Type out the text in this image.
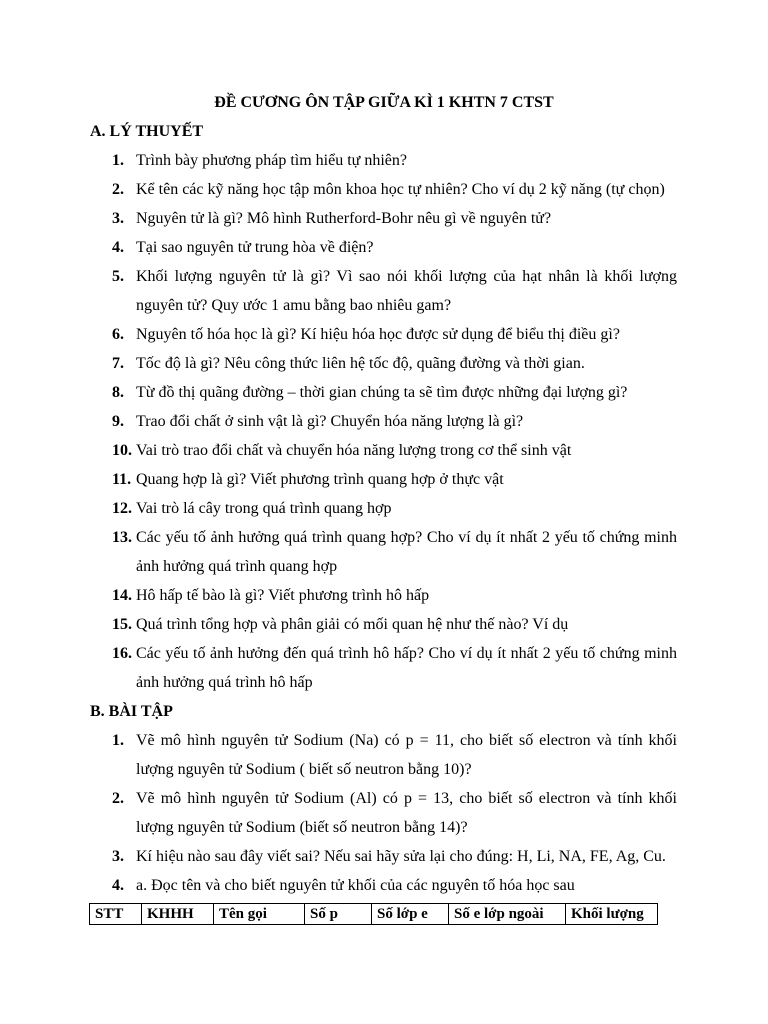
ĐỀ CƯƠNG ÔN TẬP GIỮA KÌ 1 KHTN 7 CTST
A. LÝ THUYẾT
1. Trình bày phương pháp tìm hiểu tự nhiên?
2. Kể tên các kỹ năng học tập môn khoa học tự nhiên? Cho ví dụ 2 kỹ năng (tự chọn)
3. Nguyên tử là gì? Mô hình Rutherford-Bohr nêu gì về nguyên tử?
4. Tại sao nguyên tử trung hòa về điện?
5. Khối lượng nguyên tử là gì? Vì sao nói khối lượng của hạt nhân là khối lượng nguyên tử? Quy ước 1 amu bằng bao nhiêu gam?
6. Nguyên tố hóa học là gì? Kí hiệu hóa học được sử dụng để biểu thị điều gì?
7. Tốc độ là gì? Nêu công thức liên hệ tốc độ, quãng đường và thời gian.
8. Từ đồ thị quãng đường – thời gian chúng ta sẽ tìm được những đại lượng gì?
9. Trao đổi chất ở sinh vật là gì? Chuyển hóa năng lượng là gì?
10. Vai trò trao đổi chất và chuyển hóa năng lượng trong cơ thể sinh vật
11. Quang hợp là gì? Viết phương trình quang hợp ở thực vật
12. Vai trò lá cây trong quá trình quang hợp
13. Các yếu tố ảnh hưởng quá trình quang hợp? Cho ví dụ ít nhất 2 yếu tố chứng minh ảnh hưởng quá trình quang hợp
14. Hô hấp tế bào là gì? Viết phương trình hô hấp
15. Quá trình tổng hợp và phân giải có mối quan hệ như thế nào? Ví dụ
16. Các yếu tố ảnh hưởng đến quá trình hô hấp? Cho ví dụ ít nhất 2 yếu tố chứng minh ảnh hưởng quá trình hô hấp
B. BÀI TẬP
1. Vẽ mô hình nguyên tử Sodium (Na) có p = 11, cho biết số electron và tính khối lượng nguyên tử Sodium ( biết số neutron bằng 10)?
2. Vẽ mô hình nguyên tử Sodium (Al) có p = 13, cho biết số electron và tính khối lượng nguyên tử Sodium (biết số neutron bằng 14)?
3. Kí hiệu nào sau đây viết sai? Nếu sai hãy sửa lại cho đúng: H, Li, NA, FE, Ag, Cu.
4. a. Đọc tên và cho biết nguyên tử khối của các nguyên tố hóa học sau
STT	KHHH	Tên gọi	Số p	Số lớp e	Số e lớp ngoài	Khối lượng
